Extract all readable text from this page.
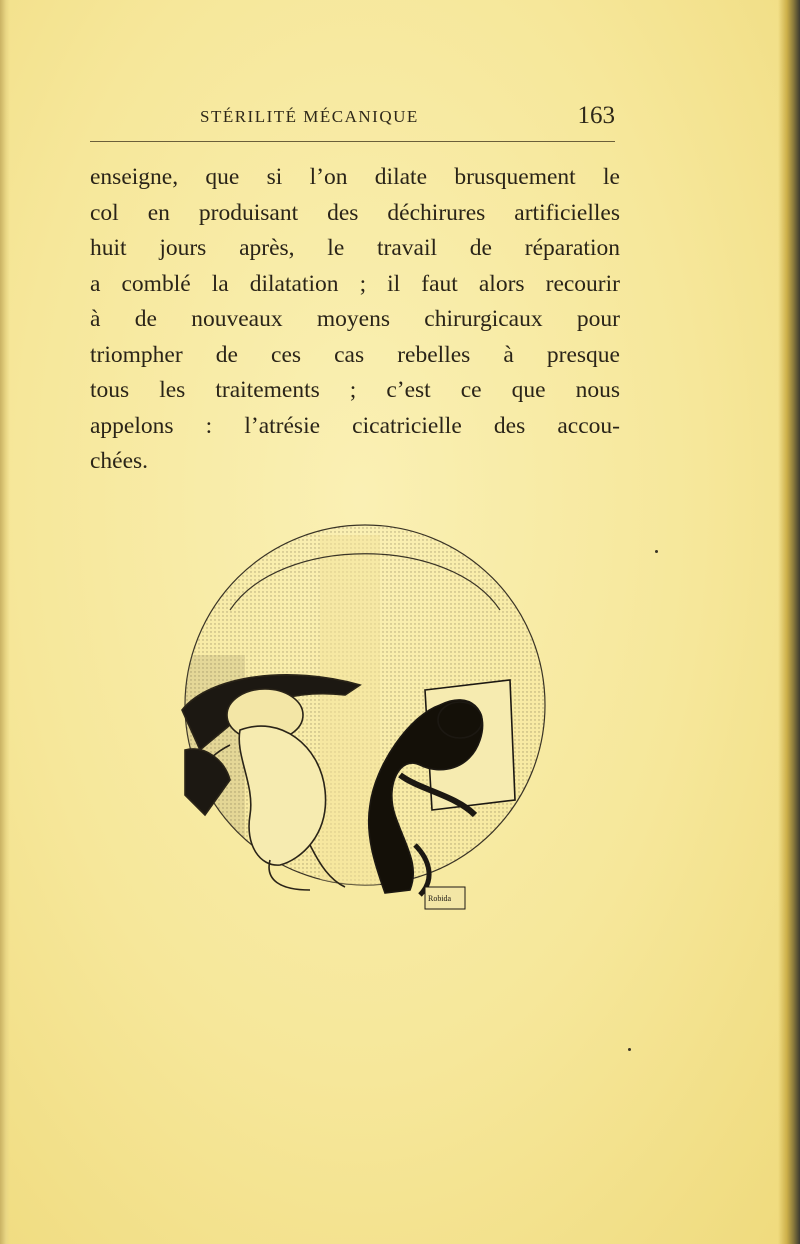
STÉRILITÉ MÉCANIQUE	163
enseigne, que si l’on dilate brusquement le
col en produisant des déchirures artificielles
huit jours après, le travail de réparation
a comblé la dilatation ; il faut alors recourir
à de nouveaux moyens chirurgicaux pour
triompher de ces cas rebelles à presque
tous les traitements ; c’est ce que nous
appelons : l’atrésie cicatricielle des accou-
chées.
Robida
